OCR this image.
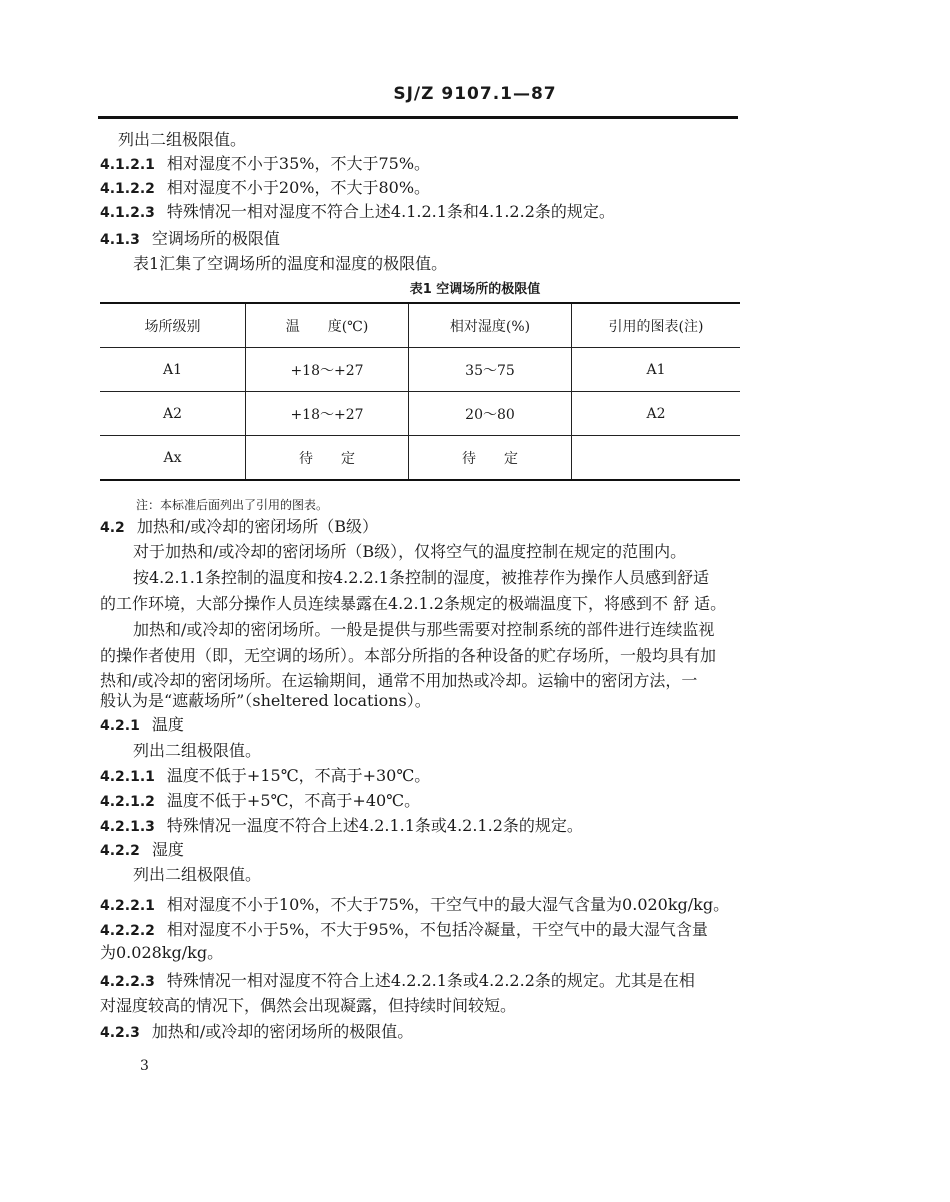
SJ/Z 9107.1—87
列出二组极限值。
4.1.2.1 相对湿度不小于35%，不大于75%。
4.1.2.2 相对湿度不小于20%，不大于80%。
4.1.2.3 特殊情况一相对湿度不符合上述4.1.2.1条和4.1.2.2条的规定。
4.1.3 空调场所的极限值
表1汇集了空调场所的温度和湿度的极限值。
表1 空调场所的极限值
场所级别	温　　度(℃)	相对湿度(%)	引用的图表(注)
A1	+18～+27	35～75	A1
A2	+18～+27	20～80	A2
Ax	待　　定	待　　定	
注：本标准后面列出了引用的图表。
4.2 加热和/或冷却的密闭场所（B级）
对于加热和/或冷却的密闭场所（B级），仅将空气的温度控制在规定的范围内。
按4.2.1.1条控制的温度和按4.2.2.1条控制的湿度，被推荐作为操作人员感到舒适
的工作环境，大部分操作人员连续暴露在4.2.1.2条规定的极端温度下，将感到不 舒 适。
加热和/或冷却的密闭场所。一般是提供与那些需要对控制系统的部件进行连续监视
的操作者使用（即，无空调的场所）。本部分所指的各种设备的贮存场所，一般均具有加
热和/或冷却的密闭场所。在运输期间，通常不用加热或冷却。运输中的密闭方法，一
般认为是“遮蔽场所”（sheltered locations）。
4.2.1 温度
列出二组极限值。
4.2.1.1 温度不低于+15℃，不高于+30℃。
4.2.1.2 温度不低于+5℃，不高于+40℃。
4.2.1.3 特殊情况一温度不符合上述4.2.1.1条或4.2.1.2条的规定。
4.2.2 湿度
列出二组极限值。
4.2.2.1 相对湿度不小于10%，不大于75%，干空气中的最大湿气含量为0.020kg/kg。
4.2.2.2 相对湿度不小于5%，不大于95%，不包括冷凝量，干空气中的最大湿气含量
为0.028kg/kg。
4.2.2.3 特殊情况一相对湿度不符合上述4.2.2.1条或4.2.2.2条的规定。尤其是在相
对湿度较高的情况下，偶然会出现凝露，但持续时间较短。
4.2.3 加热和/或冷却的密闭场所的极限值。
3
